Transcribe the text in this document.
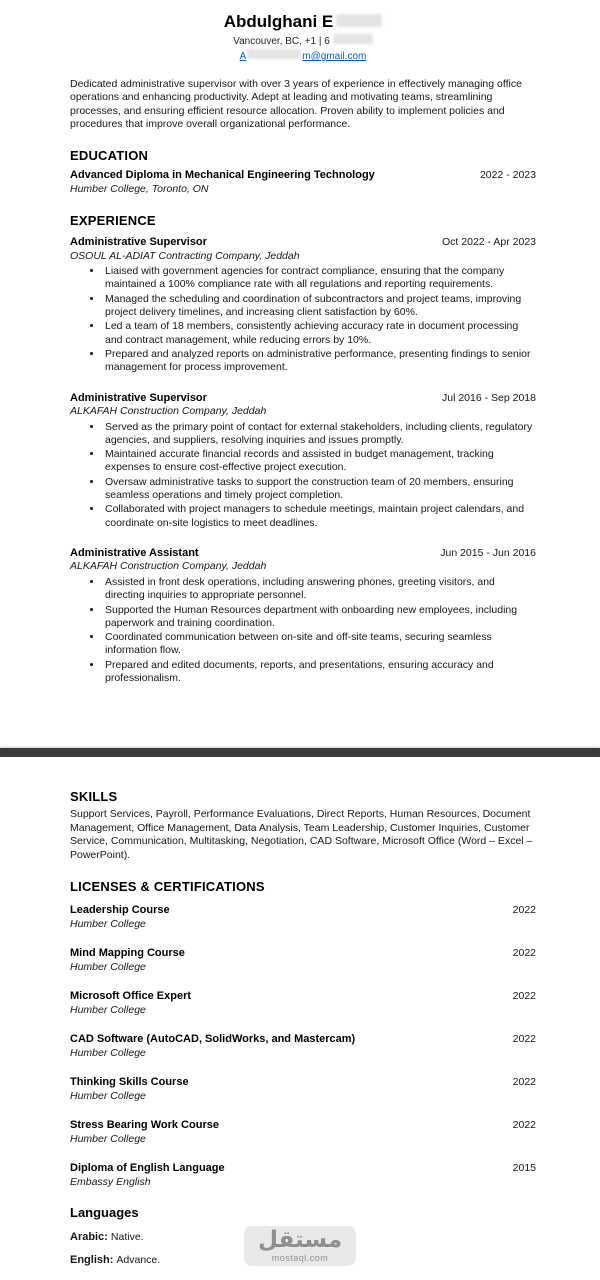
Abdulghani E
Vancouver, BC, +1 | 6
A	m@gmail.com

Dedicated administrative supervisor with over 3 years of experience in effectively managing office operations and enhancing productivity. Adept at leading and motivating teams, streamlining processes, and ensuring efficient resource allocation. Proven ability to implement policies and procedures that improve overall organizational performance.

EDUCATION
Advanced Diploma in Mechanical Engineering Technology	2022 - 2023
Humber College, Toronto, ON
EXPERIENCE
Administrative Supervisor	Oct 2022 - Apr 2023
OSOUL AL-ADIAT Contracting Company, Jeddah
• Liaised with government agencies for contract compliance, ensuring that the company maintained a 100% compliance rate with all regulations and reporting requirements.
• Managed the scheduling and coordination of subcontractors and project teams, improving project delivery timelines, and increasing client satisfaction by 60%.
• Led a team of 18 members, consistently achieving accuracy rate in document processing and contract management, while reducing errors by 10%.
• Prepared and analyzed reports on administrative performance, presenting findings to senior management for process improvement.
Administrative Supervisor	Jul 2016 - Sep 2018
ALKAFAH Construction Company, Jeddah
• Served as the primary point of contact for external stakeholders, including clients, regulatory agencies, and suppliers, resolving inquiries and issues promptly.
• Maintained accurate financial records and assisted in budget management, tracking expenses to ensure cost-effective project execution.
• Oversaw administrative tasks to support the construction team of 20 members, ensuring seamless operations and timely project completion.
• Collaborated with project managers to schedule meetings, maintain project calendars, and coordinate on-site logistics to meet deadlines.
Administrative Assistant	Jun 2015 - Jun 2016
ALKAFAH Construction Company, Jeddah
• Assisted in front desk operations, including answering phones, greeting visitors, and directing inquiries to appropriate personnel.
• Supported the Human Resources department with onboarding new employees, including paperwork and training coordination.
• Coordinated communication between on-site and off-site teams, securing seamless information flow.
• Prepared and edited documents, reports, and presentations, ensuring accuracy and professionalism.
SKILLS

Support Services, Payroll, Performance Evaluations, Direct Reports, Human Resources, Document Management, Office Management, Data Analysis, Team Leadership, Customer Inquiries, Customer Service, Communication, Multitasking, Negotiation, CAD Software, Microsoft Office (Word – Excel – PowerPoint).

LICENSES & CERTIFICATIONS
Leadership Course	2022
Humber College
Mind Mapping Course	2022
Humber College
Microsoft Office Expert	2022
Humber College
CAD Software (AutoCAD, SolidWorks, and Mastercam)	2022
Humber College
Thinking Skills Course	2022
Humber College
Stress Bearing Work Course	2022
Humber College
Diploma of English Language	2015
Embassy English
Languages
Arabic: Native.
English: Advance.
مستقل
mostaql.com
